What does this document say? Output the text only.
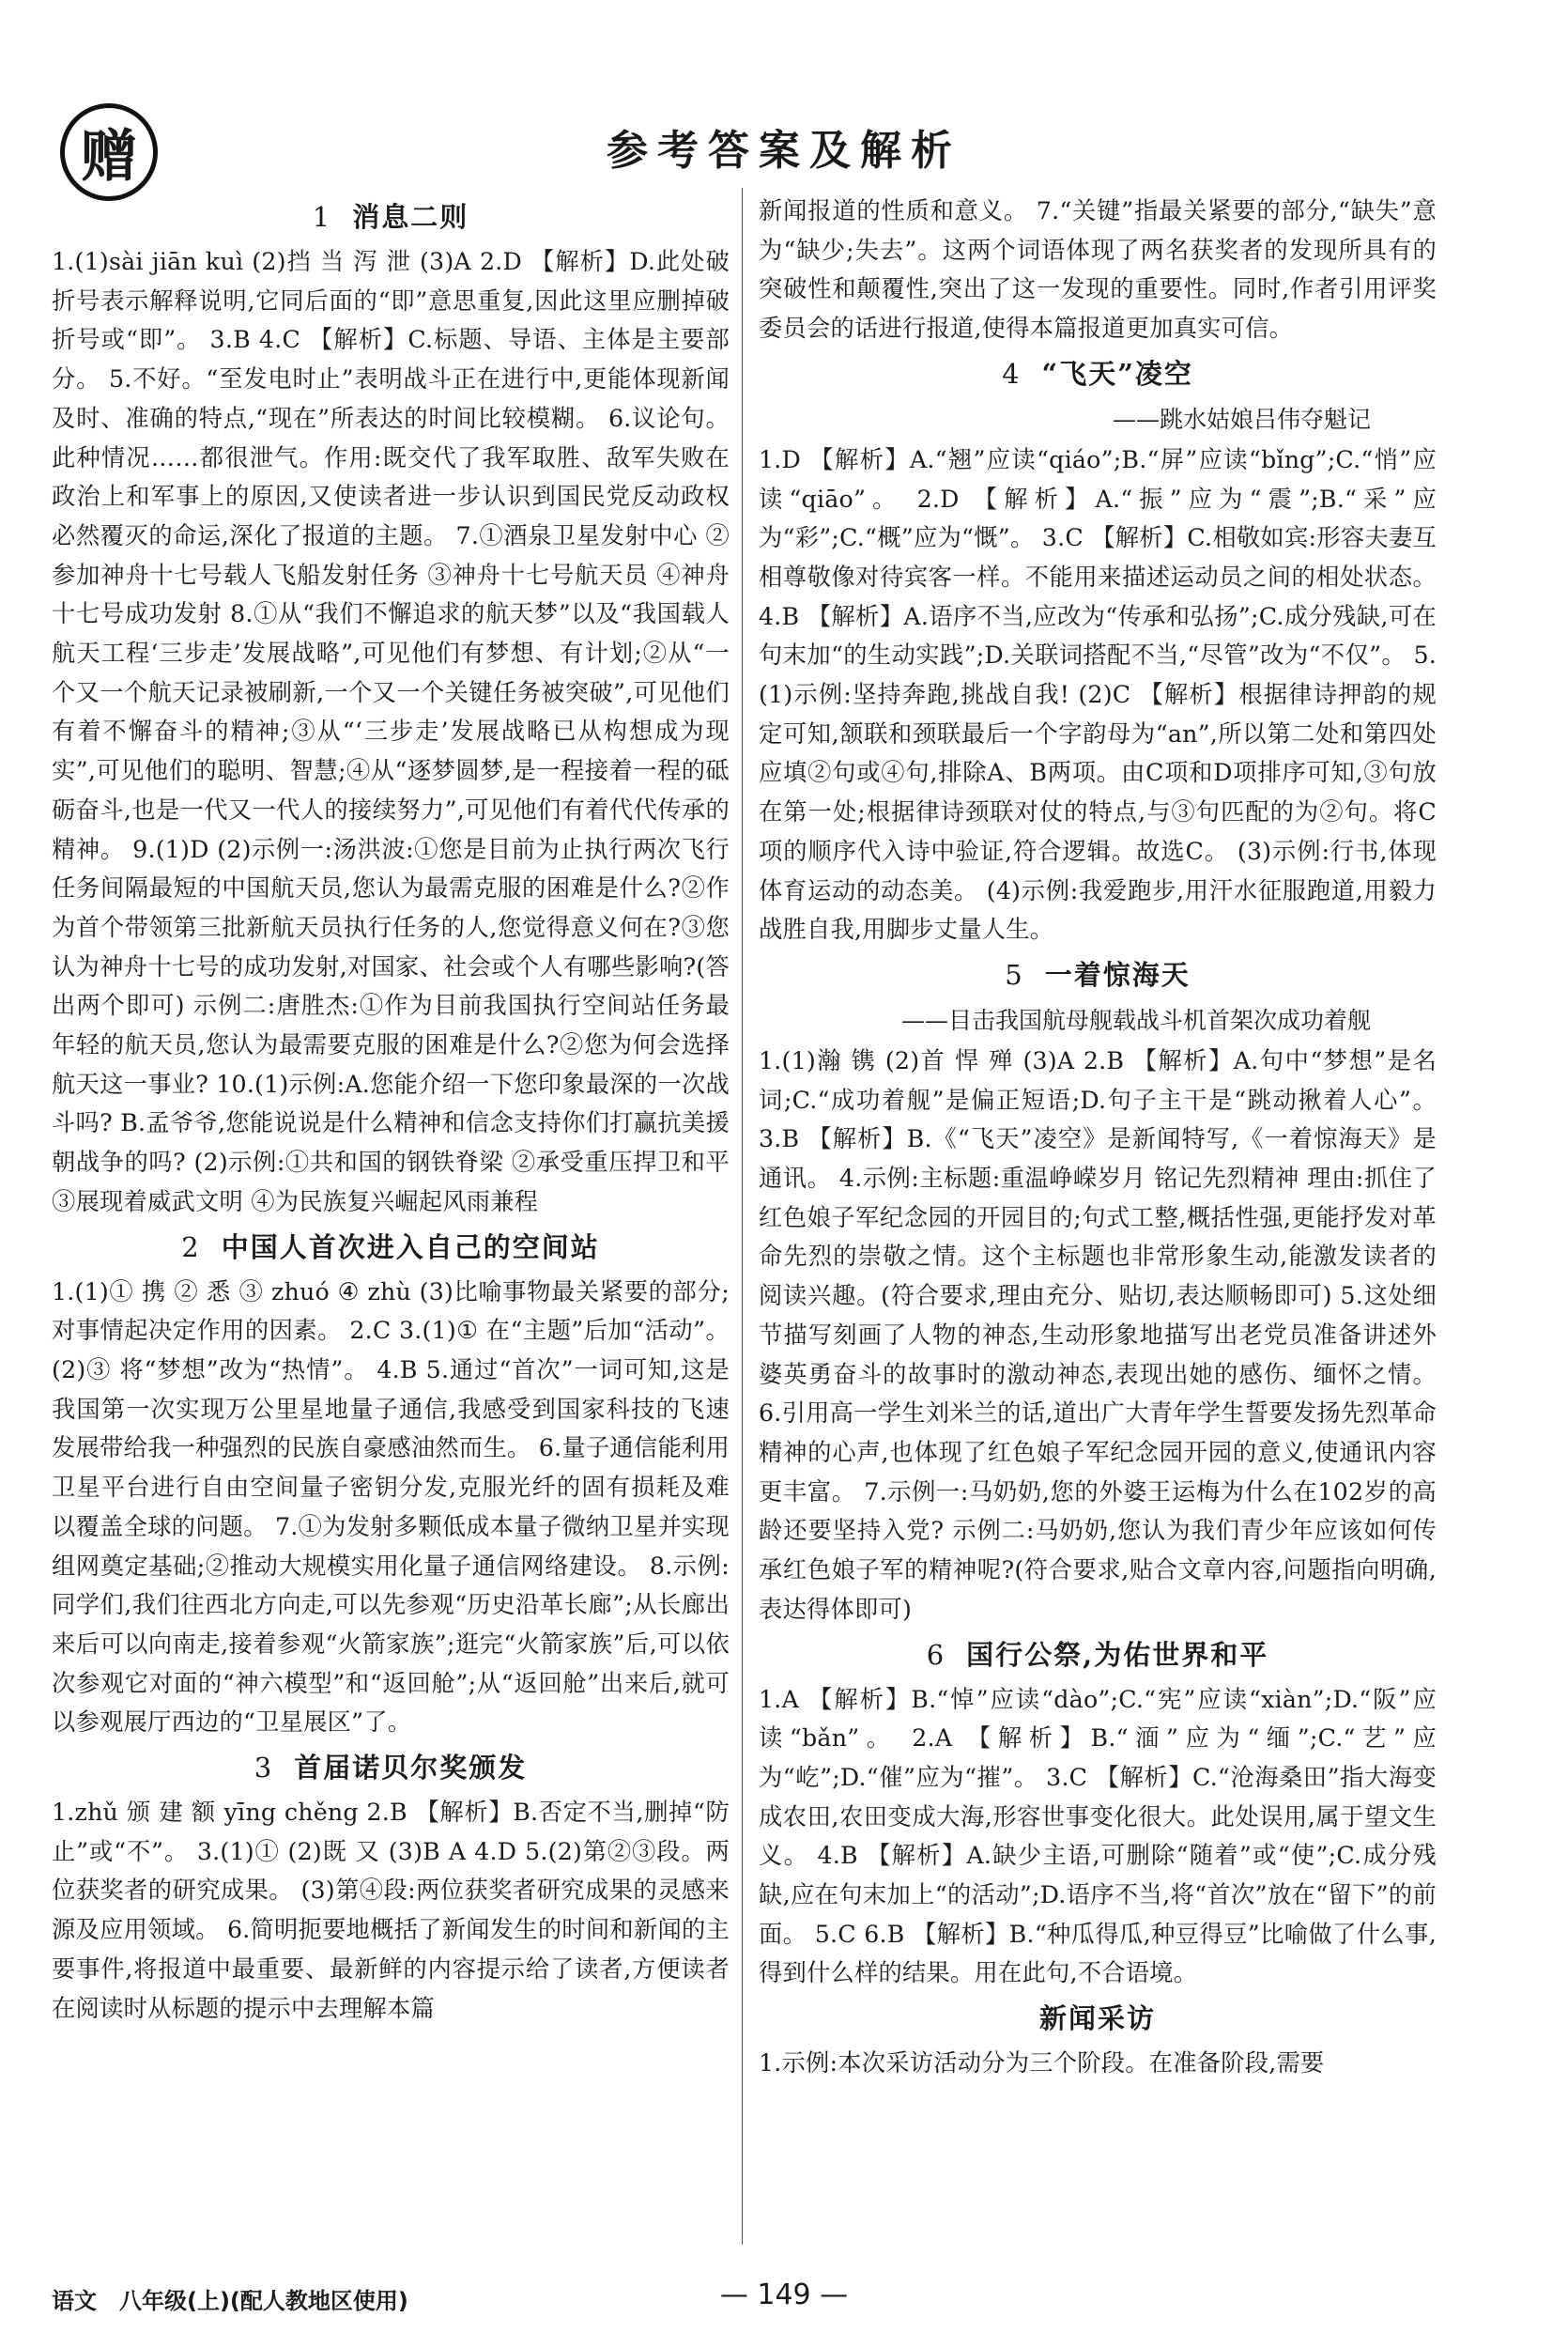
赠	参考答案及解析
1 消息二则
1.(1)sài jiān kuì (2)挡 当 泻 泄 (3)A 2.D 【解析】D.此处破折号表示解释说明,它同后面的“即”意思重复,因此这里应删掉破折号或“即”。 3.B 4.C 【解析】C.标题、导语、主体是主要部分。 5.不好。“至发电时止”表明战斗正在进行中,更能体现新闻及时、准确的特点,“现在”所表达的时间比较模糊。 6.议论句。此种情况……都很泄气。作用:既交代了我军取胜、敌军失败在政治上和军事上的原因,又使读者进一步认识到国民党反动政权必然覆灭的命运,深化了报道的主题。 7.①酒泉卫星发射中心 ②参加神舟十七号载人飞船发射任务 ③神舟十七号航天员 ④神舟十七号成功发射 8.①从“我们不懈追求的航天梦”以及“我国载人航天工程‘三步走’发展战略”,可见他们有梦想、有计划;②从“一个又一个航天记录被刷新,一个又一个关键任务被突破”,可见他们有着不懈奋斗的精神;③从“‘三步走’发展战略已从构想成为现实”,可见他们的聪明、智慧;④从“逐梦圆梦,是一程接着一程的砥砺奋斗,也是一代又一代人的接续努力”,可见他们有着代代传承的精神。 9.(1)D (2)示例一:汤洪波:①您是目前为止执行两次飞行任务间隔最短的中国航天员,您认为最需克服的困难是什么?②作为首个带领第三批新航天员执行任务的人,您觉得意义何在?③您认为神舟十七号的成功发射,对国家、社会或个人有哪些影响?(答出两个即可) 示例二:唐胜杰:①作为目前我国执行空间站任务最年轻的航天员,您认为最需要克服的困难是什么?②您为何会选择航天这一事业? 10.(1)示例:A.您能介绍一下您印象最深的一次战斗吗? B.孟爷爷,您能说说是什么精神和信念支持你们打赢抗美援朝战争的吗? (2)示例:①共和国的钢铁脊梁 ②承受重压捍卫和平 ③展现着威武文明 ④为民族复兴崛起风雨兼程
2 中国人首次进入自己的空间站
1.(1)① 携 ② 悉 ③ zhuó ④ zhù (3)比喻事物最关紧要的部分;对事情起决定作用的因素。 2.C 3.(1)① 在“主题”后加“活动”。 (2)③ 将“梦想”改为“热情”。 4.B 5.通过“首次”一词可知,这是我国第一次实现万公里星地量子通信,我感受到国家科技的飞速发展带给我一种强烈的民族自豪感油然而生。 6.量子通信能利用卫星平台进行自由空间量子密钥分发,克服光纤的固有损耗及难以覆盖全球的问题。 7.①为发射多颗低成本量子微纳卫星并实现组网奠定基础;②推动大规模实用化量子通信网络建设。 8.示例:同学们,我们往西北方向走,可以先参观“历史沿革长廊”;从长廊出来后可以向南走,接着参观“火箭家族”;逛完“火箭家族”后,可以依次参观它对面的“神六模型”和“返回舱”;从“返回舱”出来后,就可以参观展厅西边的“卫星展区”了。
3 首届诺贝尔奖颁发
1.zhǔ 颁 建 额 yīng chěng 2.B 【解析】B.否定不当,删掉“防止”或“不”。 3.(1)① (2)既 又 (3)B A 4.D 5.(2)第②③段。两位获奖者的研究成果。 (3)第④段:两位获奖者研究成果的灵感来源及应用领域。 6.简明扼要地概括了新闻发生的时间和新闻的主要事件,将报道中最重要、最新鲜的内容提示给了读者,方便读者在阅读时从标题的提示中去理解本篇
新闻报道的性质和意义。 7.“关键”指最关紧要的部分,“缺失”意为“缺少;失去”。这两个词语体现了两名获奖者的发现所具有的突破性和颠覆性,突出了这一发现的重要性。同时,作者引用评奖委员会的话进行报道,使得本篇报道更加真实可信。
4 “飞天”凌空
——跳水姑娘吕伟夺魁记
1.D 【解析】A.“翘”应读“qiáo”;B.“屏”应读“bǐng”;C.“悄”应读“qiāo”。 2.D 【解析】A.“振”应为“震”;B.“采”应为“彩”;C.“概”应为“慨”。 3.C 【解析】C.相敬如宾:形容夫妻互相尊敬像对待宾客一样。不能用来描述运动员之间的相处状态。 4.B 【解析】A.语序不当,应改为“传承和弘扬”;C.成分残缺,可在句末加“的生动实践”;D.关联词搭配不当,“尽管”改为“不仅”。 5.(1)示例:坚持奔跑,挑战自我! (2)C 【解析】根据律诗押韵的规定可知,颔联和颈联最后一个字韵母为“an”,所以第二处和第四处应填②句或④句,排除A、B两项。由C项和D项排序可知,③句放在第一处;根据律诗颈联对仗的特点,与③句匹配的为②句。将C项的顺序代入诗中验证,符合逻辑。故选C。 (3)示例:行书,体现体育运动的动态美。 (4)示例:我爱跑步,用汗水征服跑道,用毅力战胜自我,用脚步丈量人生。
5 一着惊海天
——目击我国航母舰载战斗机首架次成功着舰
1.(1)瀚 镌 (2)首 悍 殚 (3)A 2.B 【解析】A.句中“梦想”是名词;C.“成功着舰”是偏正短语;D.句子主干是“跳动揪着人心”。 3.B 【解析】B.《“飞天”凌空》是新闻特写,《一着惊海天》是通讯。 4.示例:主标题:重温峥嵘岁月 铭记先烈精神 理由:抓住了红色娘子军纪念园的开园目的;句式工整,概括性强,更能抒发对革命先烈的崇敬之情。这个主标题也非常形象生动,能激发读者的阅读兴趣。(符合要求,理由充分、贴切,表达顺畅即可) 5.这处细节描写刻画了人物的神态,生动形象地描写出老党员准备讲述外婆英勇奋斗的故事时的激动神态,表现出她的感伤、缅怀之情。 6.引用高一学生刘米兰的话,道出广大青年学生誓要发扬先烈革命精神的心声,也体现了红色娘子军纪念园开园的意义,使通讯内容更丰富。 7.示例一:马奶奶,您的外婆王运梅为什么在102岁的高龄还要坚持入党? 示例二:马奶奶,您认为我们青少年应该如何传承红色娘子军的精神呢?(符合要求,贴合文章内容,问题指向明确,表达得体即可)
6 国行公祭,为佑世界和平
1.A 【解析】B.“悼”应读“dào”;C.“宪”应读“xiàn”;D.“阪”应读“bǎn”。 2.A 【解析】B.“湎”应为“缅”;C.“艺”应为“屹”;D.“催”应为“摧”。 3.C 【解析】C.“沧海桑田”指大海变成农田,农田变成大海,形容世事变化很大。此处误用,属于望文生义。 4.B 【解析】A.缺少主语,可删除“随着”或“使”;C.成分残缺,应在句末加上“的活动”;D.语序不当,将“首次”放在“留下”的前面。 5.C 6.B 【解析】B.“种瓜得瓜,种豆得豆”比喻做了什么事,得到什么样的结果。用在此句,不合语境。
新闻采访
1.示例:本次采访活动分为三个阶段。在准备阶段,需要
语文　八年级(上)(配人教地区使用)	— 149 —
